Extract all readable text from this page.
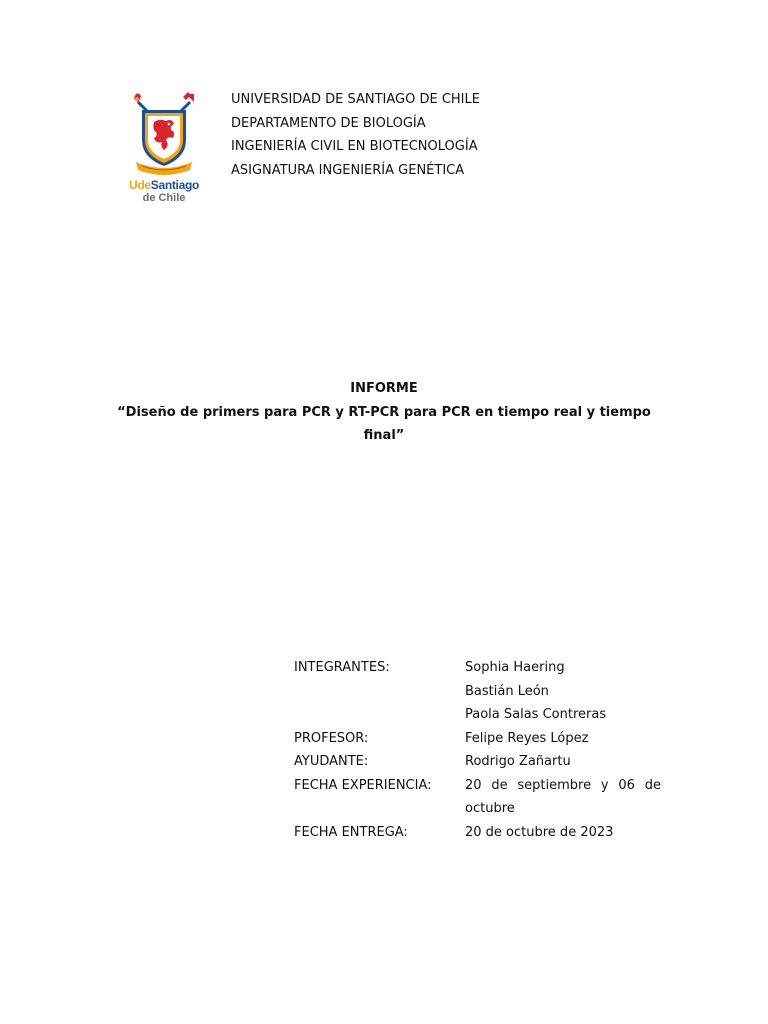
UdeSantiago
de Chile
UNIVERSIDAD DE SANTIAGO DE CHILE
DEPARTAMENTO DE BIOLOGÍA
INGENIERÍA CIVIL EN BIOTECNOLOGÍA
ASIGNATURA INGENIERÍA GENÉTICA
INFORME
“Diseño de primers para PCR y RT-PCR para PCR en tiempo real y tiempo final”
INTEGRANTES:	Sophia Haering
	Bastián León
	Paola Salas Contreras
PROFESOR:	Felipe Reyes López
AYUDANTE:	Rodrigo Zañartu
FECHA EXPERIENCIA:	20 de septiembre y 06 de
octubre
FECHA ENTREGA:	20 de octubre de 2023
